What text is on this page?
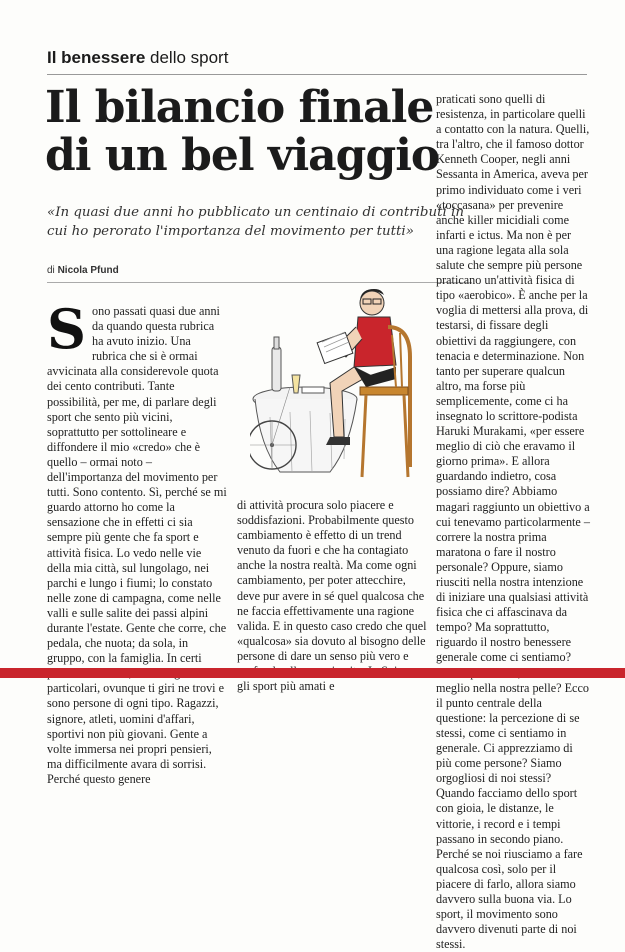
Il benessere dello sport
Il bilancio finale
di un bel viaggio
«In quasi due anni ho pubblicato un centinaio di contributi in cui ho perorato l'importanza del movimento per tutti»
di Nicola Pfund
Sono passati quasi due anni da quando questa rubrica ha avuto inizio. Una rubrica che si è ormai avvicinata alla considerevole quota dei cento contributi. Tante possibilità, per me, di parlare degli sport che sento più vicini, soprattutto per sottolineare e diffondere il mio «credo» che è quello – ormai noto – dell'importanza del movimento per tutti. Sono contento. Sì, perché se mi guardo attorno ho come la sensazione che in effetti ci sia sempre più gente che fa sport e attività fisica. Lo vedo nelle vie della mia città, sul lungolago, nei parchi e lungo i fiumi; lo constato nelle zone di campagna, come nelle valli e sulle salite dei passi alpini durante l'estate. Gente che corre, che pedala, che nuota; da sola, in gruppo, con la famiglia. In certi particolari, ovunque ti giri ne trovi e sono persone di ogni tipo. Ragazzi, signore, atleti, uomini d'affari, sportivi non più giovani. Gente a volte immersa nei propri pensieri, ma difficilmente avara di sorrisi. Perché questo genere
di attività procura solo piacere e soddisfazioni. Probabilmente questo cambiamento è effetto di un trend venuto da fuori e che ha contagiato anche la nostra realtà. Ma come ogni cambiamento, per poter attecchire, deve pur avere in sé quel qualcosa che ne faccia effettivamente una ragione valida. E in questo caso credo che quel «qualcosa» sia dovuto al bisogno delle persone di dare un senso più vero e gli sport più amati e
praticati sono quelli di resistenza, in particolare quelli a contatto con la natura. Quelli, tra l'altro, che il famoso dottor Kenneth Cooper, negli anni Sessanta in America, aveva per primo individuato come i veri «toccasana» per prevenire anche killer micidiali come infarti e ictus. Ma non è per una ragione legata alla sola salute che sempre più persone praticano un'attività fisica di tipo «aerobico». È anche per la voglia di mettersi alla prova, di testarsi, di fissare degli obiettivi da raggiungere, con tenacia e determinazione. Non tanto per superare qualcun altro, ma forse più semplicemente, come ci ha insegnato lo scrittore-podista Haruki Murakami, «per essere meglio di ciò che eravamo il giorno prima». E allora guardando indietro, cosa possiamo dire? Abbiamo magari raggiunto un obiettivo a cui tenevamo particolarmente – correre la nostra prima maratona o fare il nostro personale? Oppure, siamo riusciti nella nostra intenzione di iniziare una qualsiasi attività fisica che ci affascinava da tempo? Ma soprattutto, riguardo il nostro benessere generale come ci sentiamo? meglio nella nostra pelle? Ecco il punto centrale della questione: la percezione di se stessi, come ci sentiamo in generale. Ci apprezziamo di più come persone? Siamo orgogliosi di noi stessi? Quando facciamo dello sport con gioia, le distanze, le vittorie, i record e i tempi passano in secondo piano. Perché se noi riusciamo a fare qualcosa così, solo per il piacere di farlo, allora siamo davvero sulla buona via. Lo sport, il movimento sono davvero divenuti parte di noi stessi.
